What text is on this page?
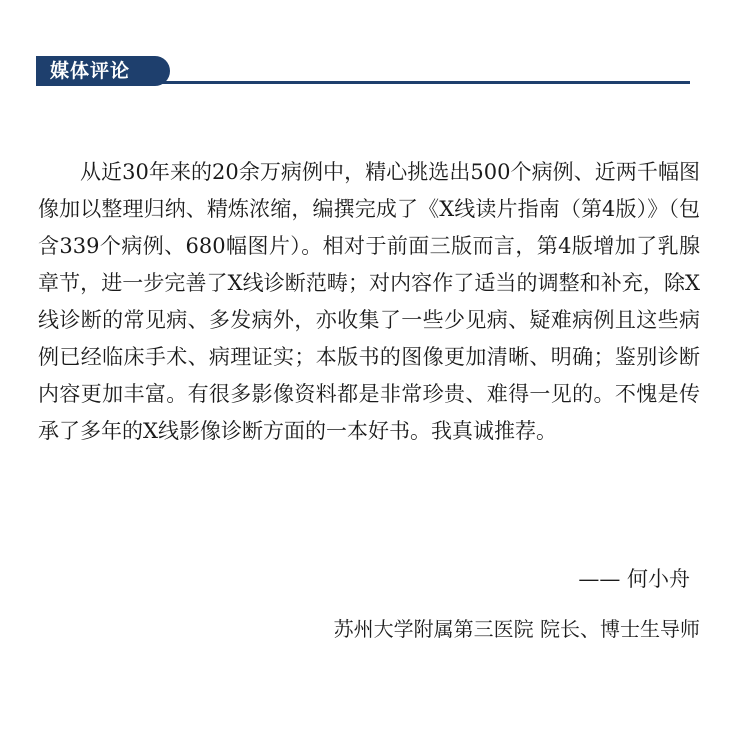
媒体评论

从近30年来的20余万病例中，精心挑选出500个病例、近两千幅图像加以整理归纳、精炼浓缩，编撰完成了《X线读片指南（第4版）》（包含339个病例、680幅图片）。相对于前面三版而言，第4版增加了乳腺章节，进一步完善了X线诊断范畴；对内容作了适当的调整和补充，除X线诊断的常见病、多发病外，亦收集了一些少见病、疑难病例且这些病例已经临床手术、病理证实；本版书的图像更加清晰、明确；鉴别诊断内容更加丰富。有很多影像资料都是非常珍贵、难得一见的。不愧是传承了多年的X线影像诊断方面的一本好书。我真诚推荐。

—— 何小舟
苏州大学附属第三医院 院长、博士生导师
